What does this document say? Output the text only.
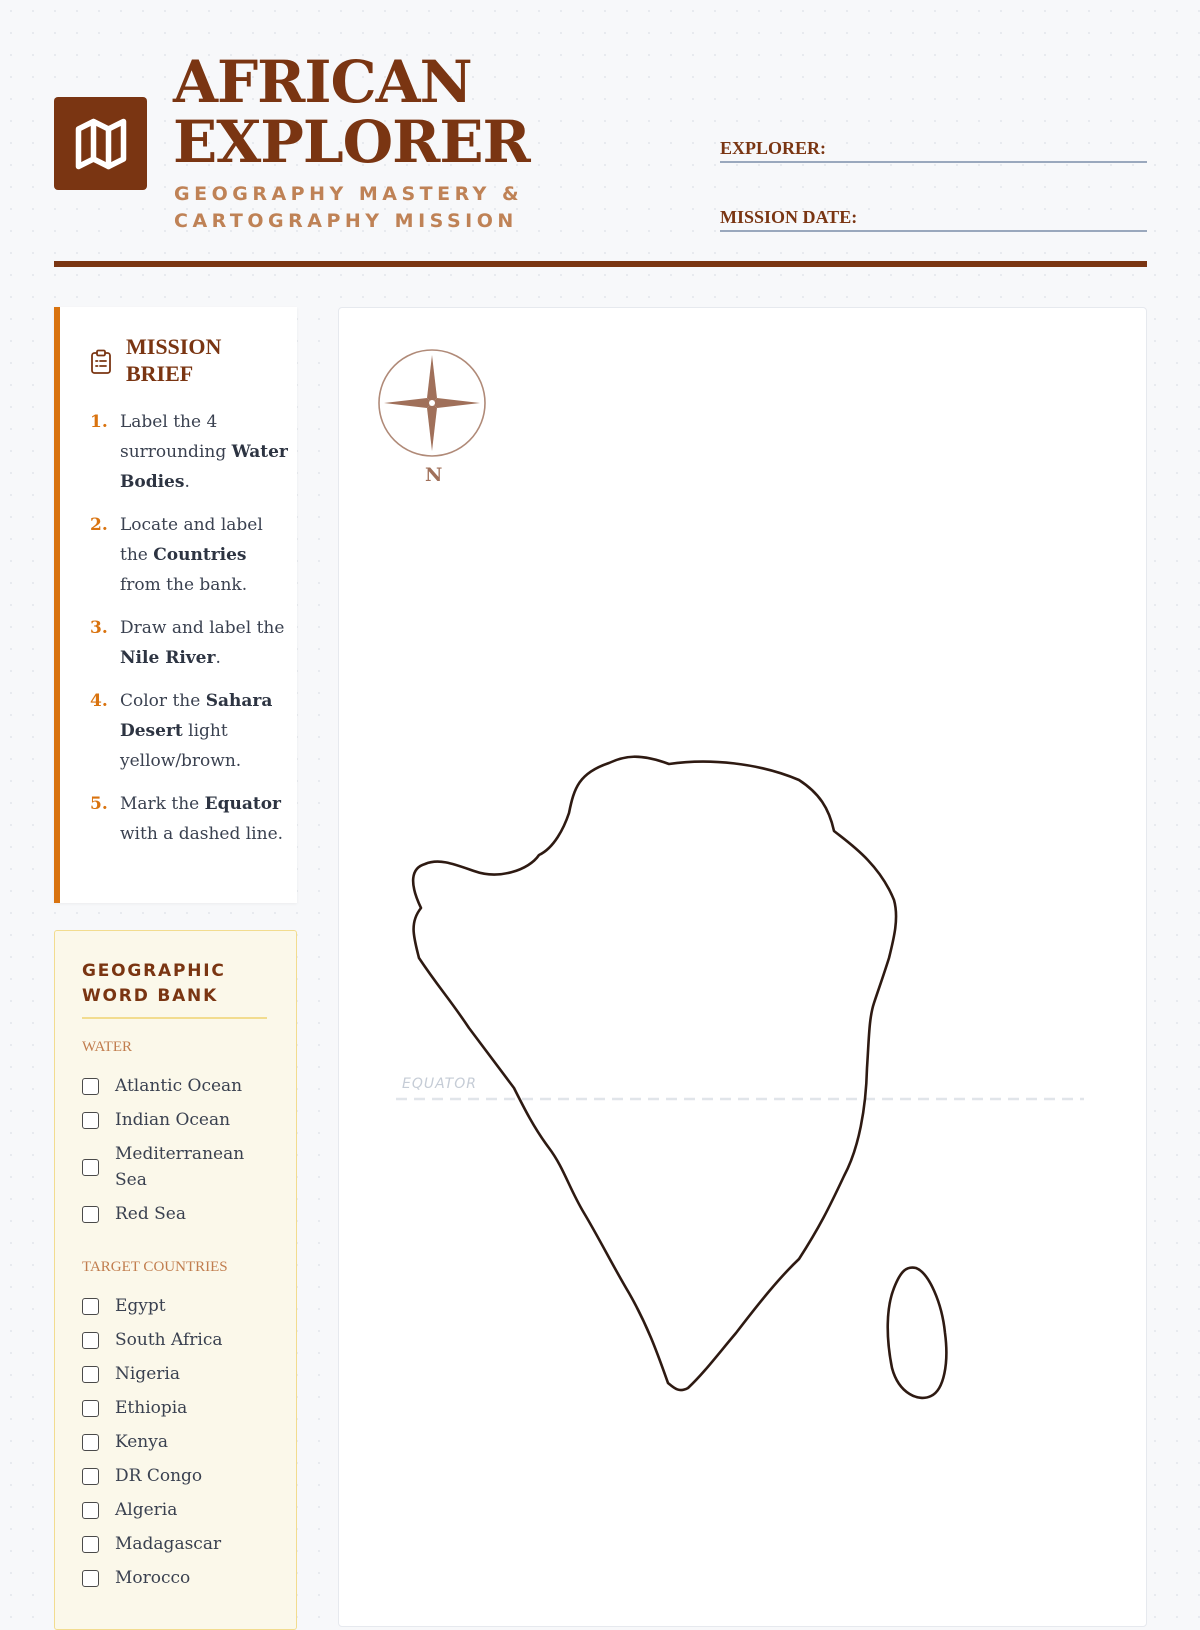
AFRICAN
EXPLORER
GEOGRAPHY MASTERY & CARTOGRAPHY MISSION
EXPLORER:
MISSION DATE:
MISSION BRIEF
1. Label the 4 surrounding Water Bodies.
2. Locate and label the Countries from the bank.
3. Draw and label the Nile River.
4. Color the Sahara Desert light yellow/brown.
5. Mark the Equator with a dashed line.
GEOGRAPHIC WORD BANK
WATER
Atlantic Ocean
Indian Ocean
Mediterranean Sea
Red Sea
TARGET COUNTRIES
Egypt
South Africa
Nigeria
Ethiopia
Kenya
DR Congo
Algeria
Madagascar
Morocco
N
EQUATOR
